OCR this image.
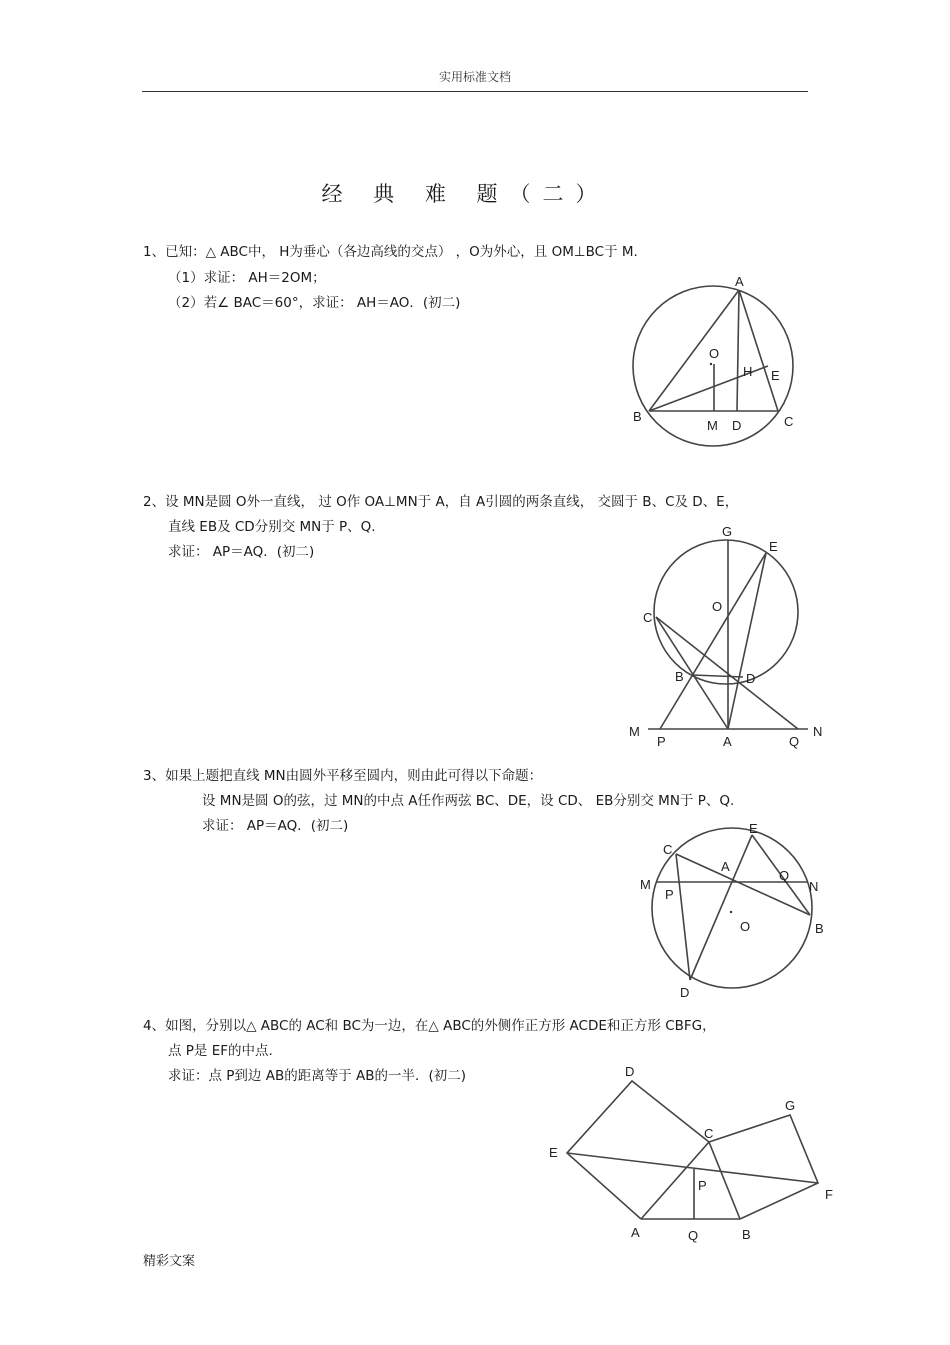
实用标准文档
经 典 难 题（二）
1、已知：△ ABC中， H为垂心（各边高线的交点） ，O为外心，且 OM⊥BC于 M.
（1）求证： AH＝2OM；
（2）若∠ BAC＝60°，求证： AH＝AO．(初二)
2、设 MN是圆 O外一直线， 过 O作 OA⊥MN于 A，自 A引圆的两条直线， 交圆于 B、C及 D、E，
直线 EB及 CD分别交 MN于 P、Q.
求证： AP＝AQ．(初二)
3、如果上题把直线 MN由圆外平移至圆内，则由此可得以下命题：
设 MN是圆 O的弦，过 MN的中点 A任作两弦 BC、DE，设 CD、 EB分别交 MN于 P、Q.
求证： AP＝AQ．(初二)
4、如图，分别以△ ABC的 AC和 BC为一边，在△ ABC的外侧作正方形 ACDE和正方形 CBFG，
点 P是 EF的中点.
求证：点 P到边 AB的距离等于 AB的一半．(初二)
精彩文案
A
O
H E
B
M D	C
G
E
O
C
B	D
M
P	A	Q
N
E
C
A
Q
M	N
P
O	B
D
D
G
C
E
P
F
A	Q	B
